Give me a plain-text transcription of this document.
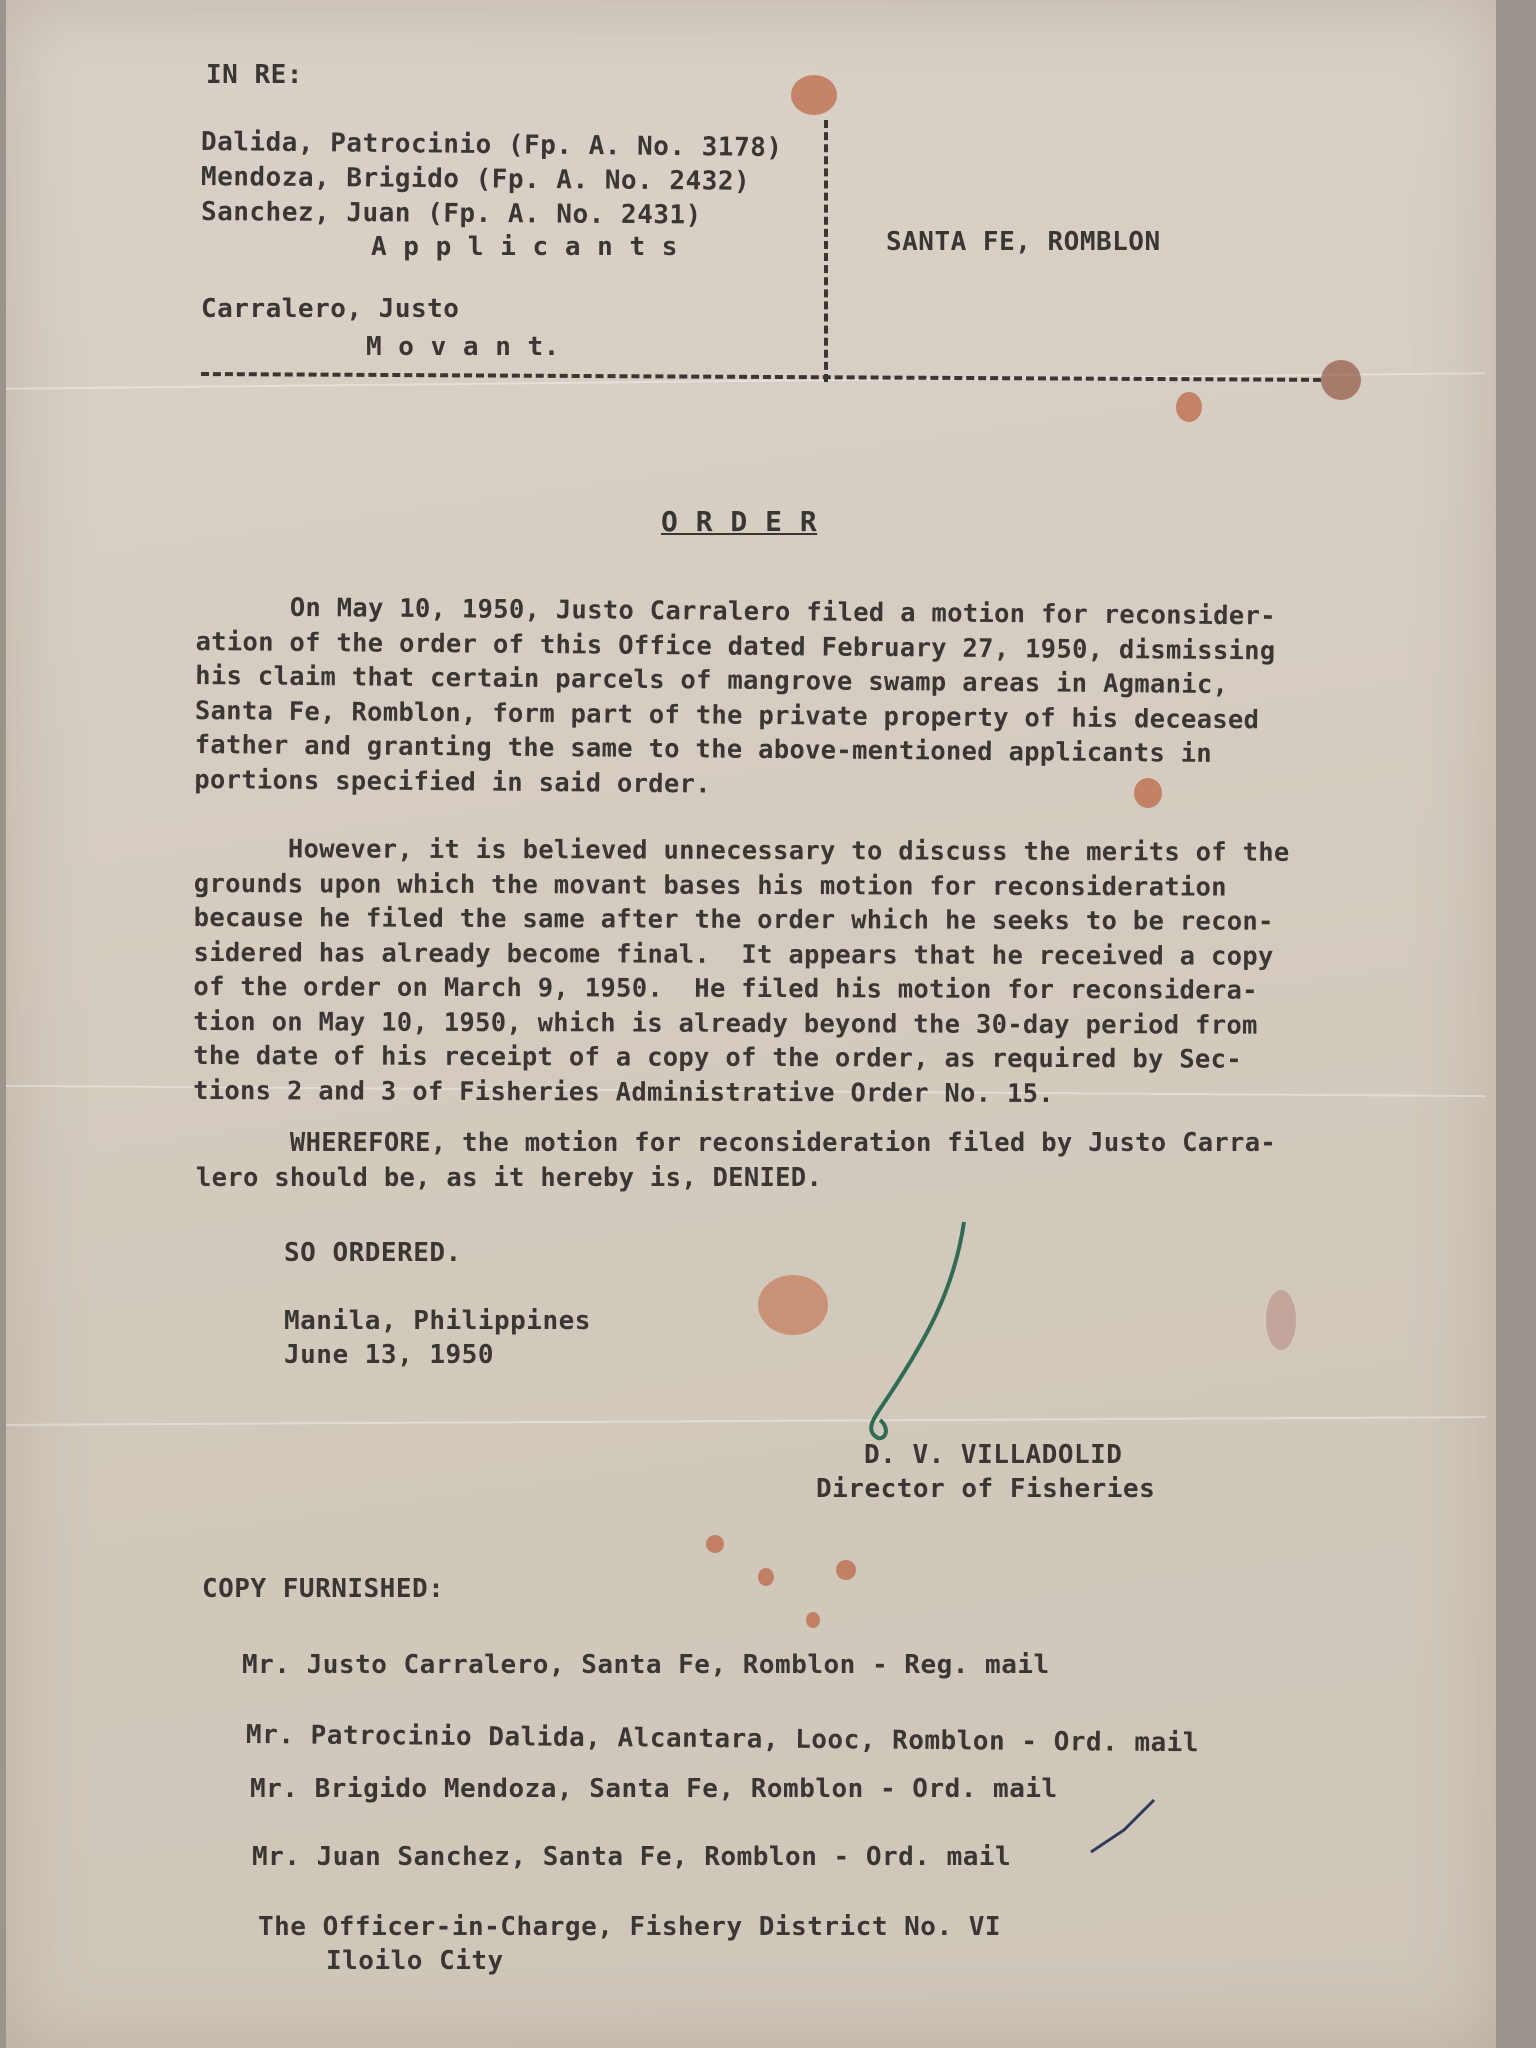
IN RE:
Dalida, Patrocinio (Fp. A. No. 3178)
Mendoza, Brigido (Fp. A. No. 2432)
Sanchez, Juan (Fp. A. No. 2431)
A p p l i c a n t s	SANTA FE, ROMBLON
Carralero, Justo
M o v a n t.
O R D E R
On May 10, 1950, Justo Carralero filed a motion for reconsider-
ation of the order of this Office dated February 27, 1950, dismissing
his claim that certain parcels of mangrove swamp areas in Agmanic,
Santa Fe, Romblon, form part of the private property of his deceased
father and granting the same to the above-mentioned applicants in
portions specified in said order.
However, it is believed unnecessary to discuss the merits of the
grounds upon which the movant bases his motion for reconsideration
because he filed the same after the order which he seeks to be recon-
sidered has already become final.  It appears that he received a copy
of the order on March 9, 1950.  He filed his motion for reconsidera-
tion on May 10, 1950, which is already beyond the 30-day period from
the date of his receipt of a copy of the order, as required by Sec-
tions 2 and 3 of Fisheries Administrative Order No. 15.
WHEREFORE, the motion for reconsideration filed by Justo Carra-
lero should be, as it hereby is, DENIED.
SO ORDERED.
Manila, Philippines
June 13, 1950
D. V. VILLADOLID
Director of Fisheries
COPY FURNISHED:
Mr. Justo Carralero, Santa Fe, Romblon - Reg. mail
Mr. Patrocinio Dalida, Alcantara, Looc, Romblon - Ord. mail
Mr. Brigido Mendoza, Santa Fe, Romblon - Ord. mail
Mr. Juan Sanchez, Santa Fe, Romblon - Ord. mail
The Officer-in-Charge, Fishery District No. VI
Iloilo City
